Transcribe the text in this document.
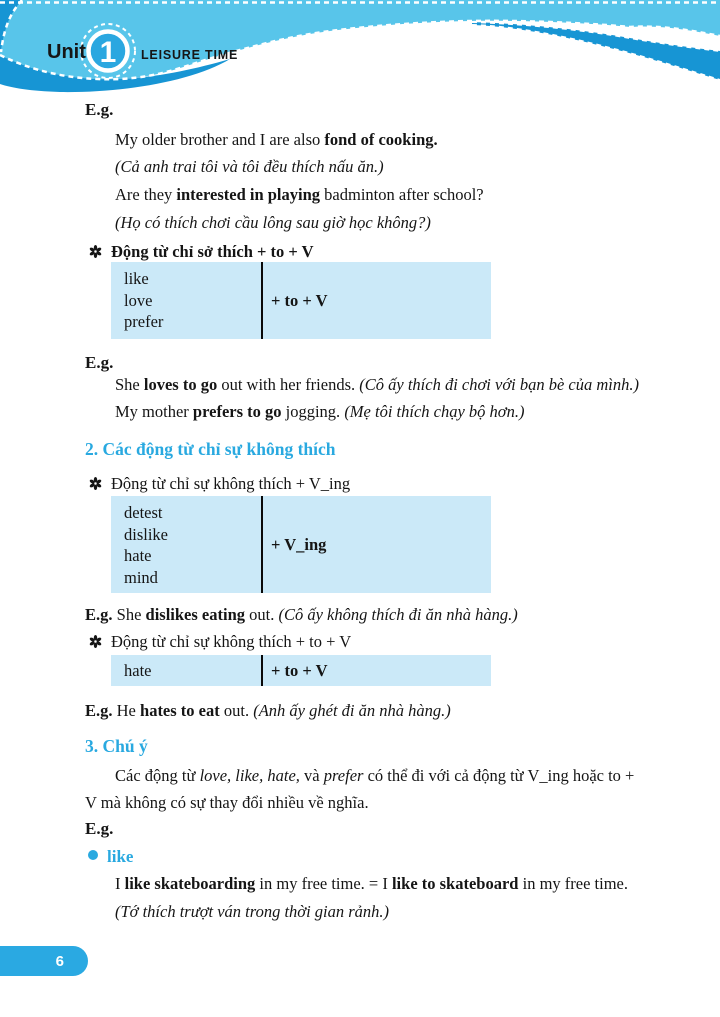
1
Unit	LEISURE TIME
E.g.
My older brother and I are also fond of cooking.
(Cả anh trai tôi và tôi đều thích nấu ăn.)
Are they interested in playing badminton after school?
(Họ có thích chơi cầu lông sau giờ học không?)
Động từ chỉ sở thích + to + V
like
love
prefer
+ to + V
E.g.
She loves to go out with her friends. (Cô ấy thích đi chơi với bạn bè của mình.)
My mother prefers to go jogging. (Mẹ tôi thích chạy bộ hơn.)
2. Các động từ chỉ sự không thích
Động từ chỉ sự không thích + V_ing
detest
dislike
hate
mind
+ V_ing
E.g. She dislikes eating out. (Cô ấy không thích đi ăn nhà hàng.)
Động từ chỉ sự không thích + to + V
hate	+ to + V
E.g. He hates to eat out. (Anh ấy ghét đi ăn nhà hàng.)
3. Chú ý
Các động từ love, like, hate, và prefer có thể đi với cả động từ V_ing hoặc to +
V mà không có sự thay đổi nhiều về nghĩa.
E.g.
like
I like skateboarding in my free time. = I like to skateboard in my free time.
(Tớ thích trượt ván trong thời gian rảnh.)
6
